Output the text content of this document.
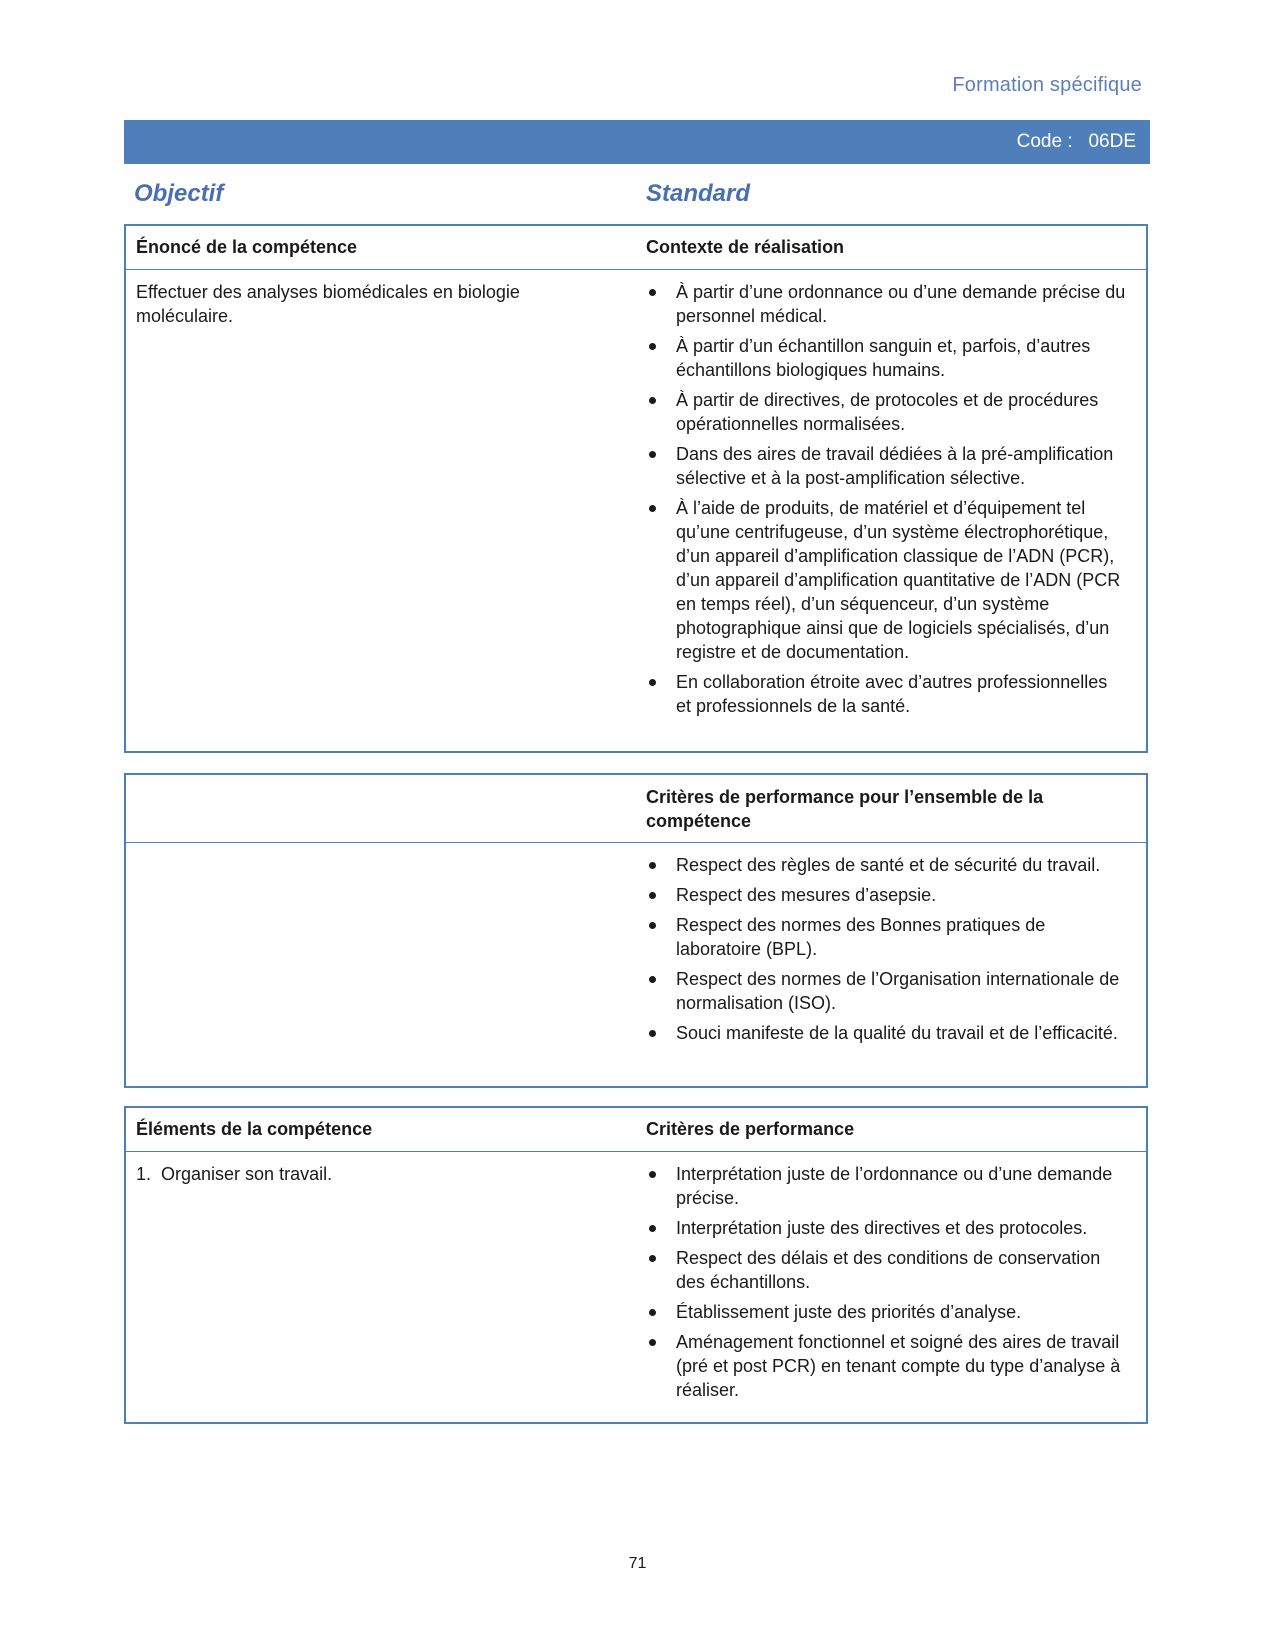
Formation spécifique
Code :
06DE
Objectif	Standard
Énoncé de la compétence	Contexte de réalisation
Effectuer des analyses biomédicales en biologie moléculaire.
À partir d’une ordonnance ou d’une demande précise du personnel médical.
À partir d’un échantillon sanguin et, parfois, d’autres échantillons biologiques humains.
À partir de directives, de protocoles et de procédures opérationnelles normalisées.
Dans des aires de travail dédiées à la pré-amplification sélective et à la post-amplification sélective.
À l’aide de produits, de matériel et d’équipement tel qu’une centrifugeuse, d’un système électrophorétique, d’un appareil d’amplification classique de l’ADN (PCR), d’un appareil d’amplification quantitative de l’ADN (PCR en temps réel), d’un séquenceur, d’un système photographique ainsi que de logiciels spécialisés, d’un registre et de documentation.
En collaboration étroite avec d’autres professionnelles et professionnels de la santé.
Critères de performance pour l’ensemble de la compétence
Respect des règles de santé et de sécurité du travail.
Respect des mesures d’asepsie.
Respect des normes des Bonnes pratiques de laboratoire (BPL).
Respect des normes de l’Organisation internationale de normalisation (ISO).
Souci manifeste de la qualité du travail et de l’efficacité.
Éléments de la compétence	Critères de performance
1.  Organiser son travail.	Interprétation juste de l’ordonnance ou d’une demande précise.
Interprétation juste des directives et des protocoles.
Respect des délais et des conditions de conservation des échantillons.
Établissement juste des priorités d’analyse.
Aménagement fonctionnel et soigné des aires de travail (pré et post PCR) en tenant compte du type d’analyse à réaliser.
71
